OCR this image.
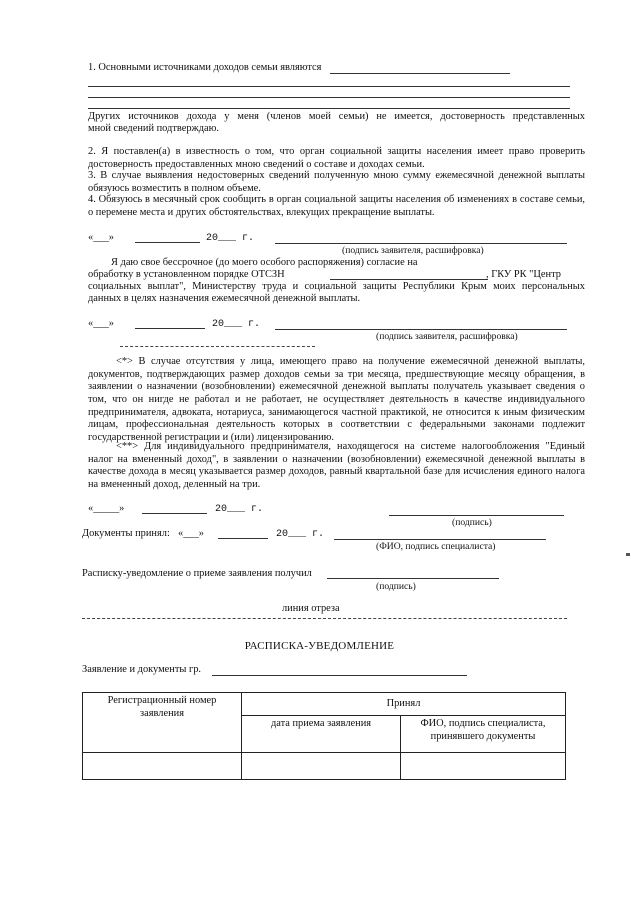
1. Основными источниками доходов семьи являются
Других источников дохода у меня (членов моей семьи) не имеется, достоверность представленных
мной сведений подтверждаю.
2. Я поставлен(а) в известность о том, что орган социальной защиты населения имеет право проверить достоверность предоставленных мною сведений о составе и доходах семьи.
3. В случае выявления недостоверных сведений полученную мною сумму ежемесячной денежной выплаты обязуюсь возместить в полном объеме.
4. Обязуюсь в месячный срок сообщить в орган социальной защиты населения об изменениях в составе семьи, о перемене места и других обстоятельствах, влекущих прекращение выплаты.
«___»	20___ г.
(подпись заявителя, расшифровка)
Я даю свое бессрочное (до моего особого распоряжения) согласие на
обработку в установленном порядке ОТСЗН	, ГКУ РК "Центр
социальных выплат", Министерству труда и социальной защиты Республики Крым моих персональных
данных в целях назначения ежемесячной денежной выплаты.
«___»	20___ г.
(подпись заявителя, расшифровка)
<*> В случае отсутствия у лица, имеющего право на получение ежемесячной денежной выплаты, документов, подтверждающих размер доходов семьи за три месяца, предшествующие месяцу обращения, в заявлении о назначении (возобновлении) ежемесячной денежной выплаты получатель указывает сведения о том, что он нигде не работал и не работает, не осуществляет деятельность в качестве индивидуального предпринимателя, адвоката, нотариуса, занимающегося частной практикой, не относится к иным физическим лицам, профессиональная деятельность которых в соответствии с федеральными законами подлежит государственной регистрации и (или) лицензированию.
<**> Для индивидуального предпринимателя, находящегося на системе налогообложения "Единый налог на вмененный доход", в заявлении о назначении (возобновлении) ежемесячной денежной выплаты в качестве дохода в месяц указывается размер доходов, равный квартальной базе для исчисления единого налога на вмененный доход, деленный на три.
«_____»	20___ г.
(подпись)
Документы принял: «___»	20___ г.
(ФИО, подпись специалиста)
Расписку-уведомление о приеме заявления получил
(подпись)
линия отреза
РАСПИСКА-УВЕДОМЛЕНИЕ
Заявление и документы гр.
Регистрационный номер заявления	Принял	
	дата приема заявления	ФИО, подпись специалиста, принявшего документы
